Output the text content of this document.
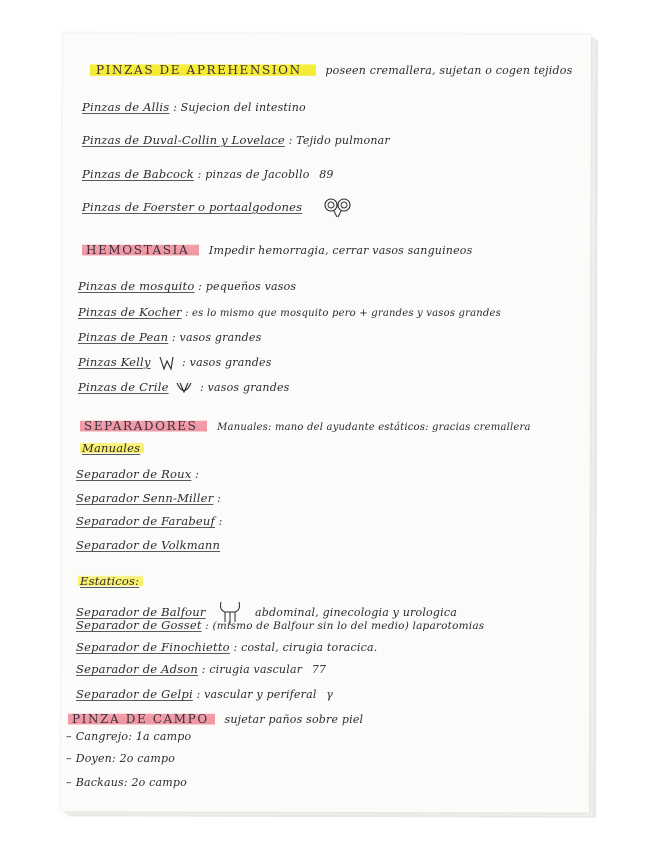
PINZAS DE APREHENSION poseen cremallera, sujetan o cogen tejidos
Pinzas de Allis : Sujecion del intestino
Pinzas de Duval-Collin y Lovelace : Tejido pulmonar
Pinzas de Babcock : pinzas de Jacobllo 89
Pinzas de Foerster o portaalgodones
HEMOSTASIA Impedir hemorragia, cerrar vasos sanguineos
Pinzas de mosquito : pequeños vasos
Pinzas de Kocher : es lo mismo que mosquito pero + grandes y vasos grandes
Pinzas de Pean : vasos grandes
Pinzas Kelly	: vasos grandes
Pinzas de Crile	: vasos grandes
SEPARADORES Manuales: mano del ayudante estáticos: gracias cremallera
Manuales
Separador de Roux :
Separador Senn-Miller :
Separador de Farabeuf :
Separador de Volkmann
Estaticos:
Separador de Balfour	abdominal, ginecologia y urologica
Separador de Gosset : (mismo de Balfour sin lo del medio) laparotomias
Separador de Finochietto : costal, cirugia toracica.
Separador de Adson : cirugia vascular 77
Separador de Gelpi : vascular y periferal γ
PINZA DE CAMPO sujetar paños sobre piel
– Cangrejo: 1a campo
– Doyen: 2o campo
– Backaus: 2o campo
